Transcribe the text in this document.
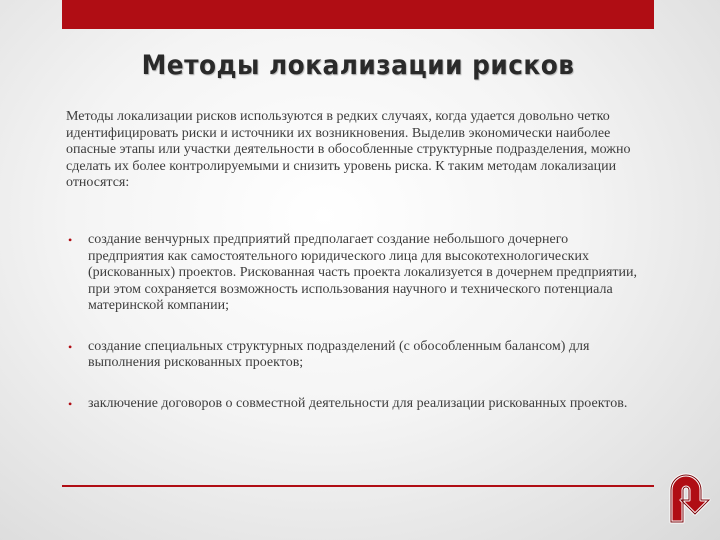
Методы локализации рисков
Методы локализации рисков используются в редких случаях, когда удается довольно четко идентифицировать риски и источники их возникновения. Выделив экономически наиболее опасные этапы или участки деятельности в обособленные структурные подразделения, можно сделать их более контролируемыми и снизить уровень риска. К таким методам локализации относятся:
• создание венчурных предприятий предполагает создание небольшого дочернего предприятия как самостоятельного юридического лица для высокотехнологических (рискованных) проектов. Рискованная часть проекта локализуется в дочернем предприятии, при этом сохраняется возможность использования научного и технического потенциала материнской компании;
• создание специальных структурных подразделений (с обособленным балансом) для выполнения рискованных проектов;
• заключение договоров о совместной деятельности для реализации рискованных проектов.
